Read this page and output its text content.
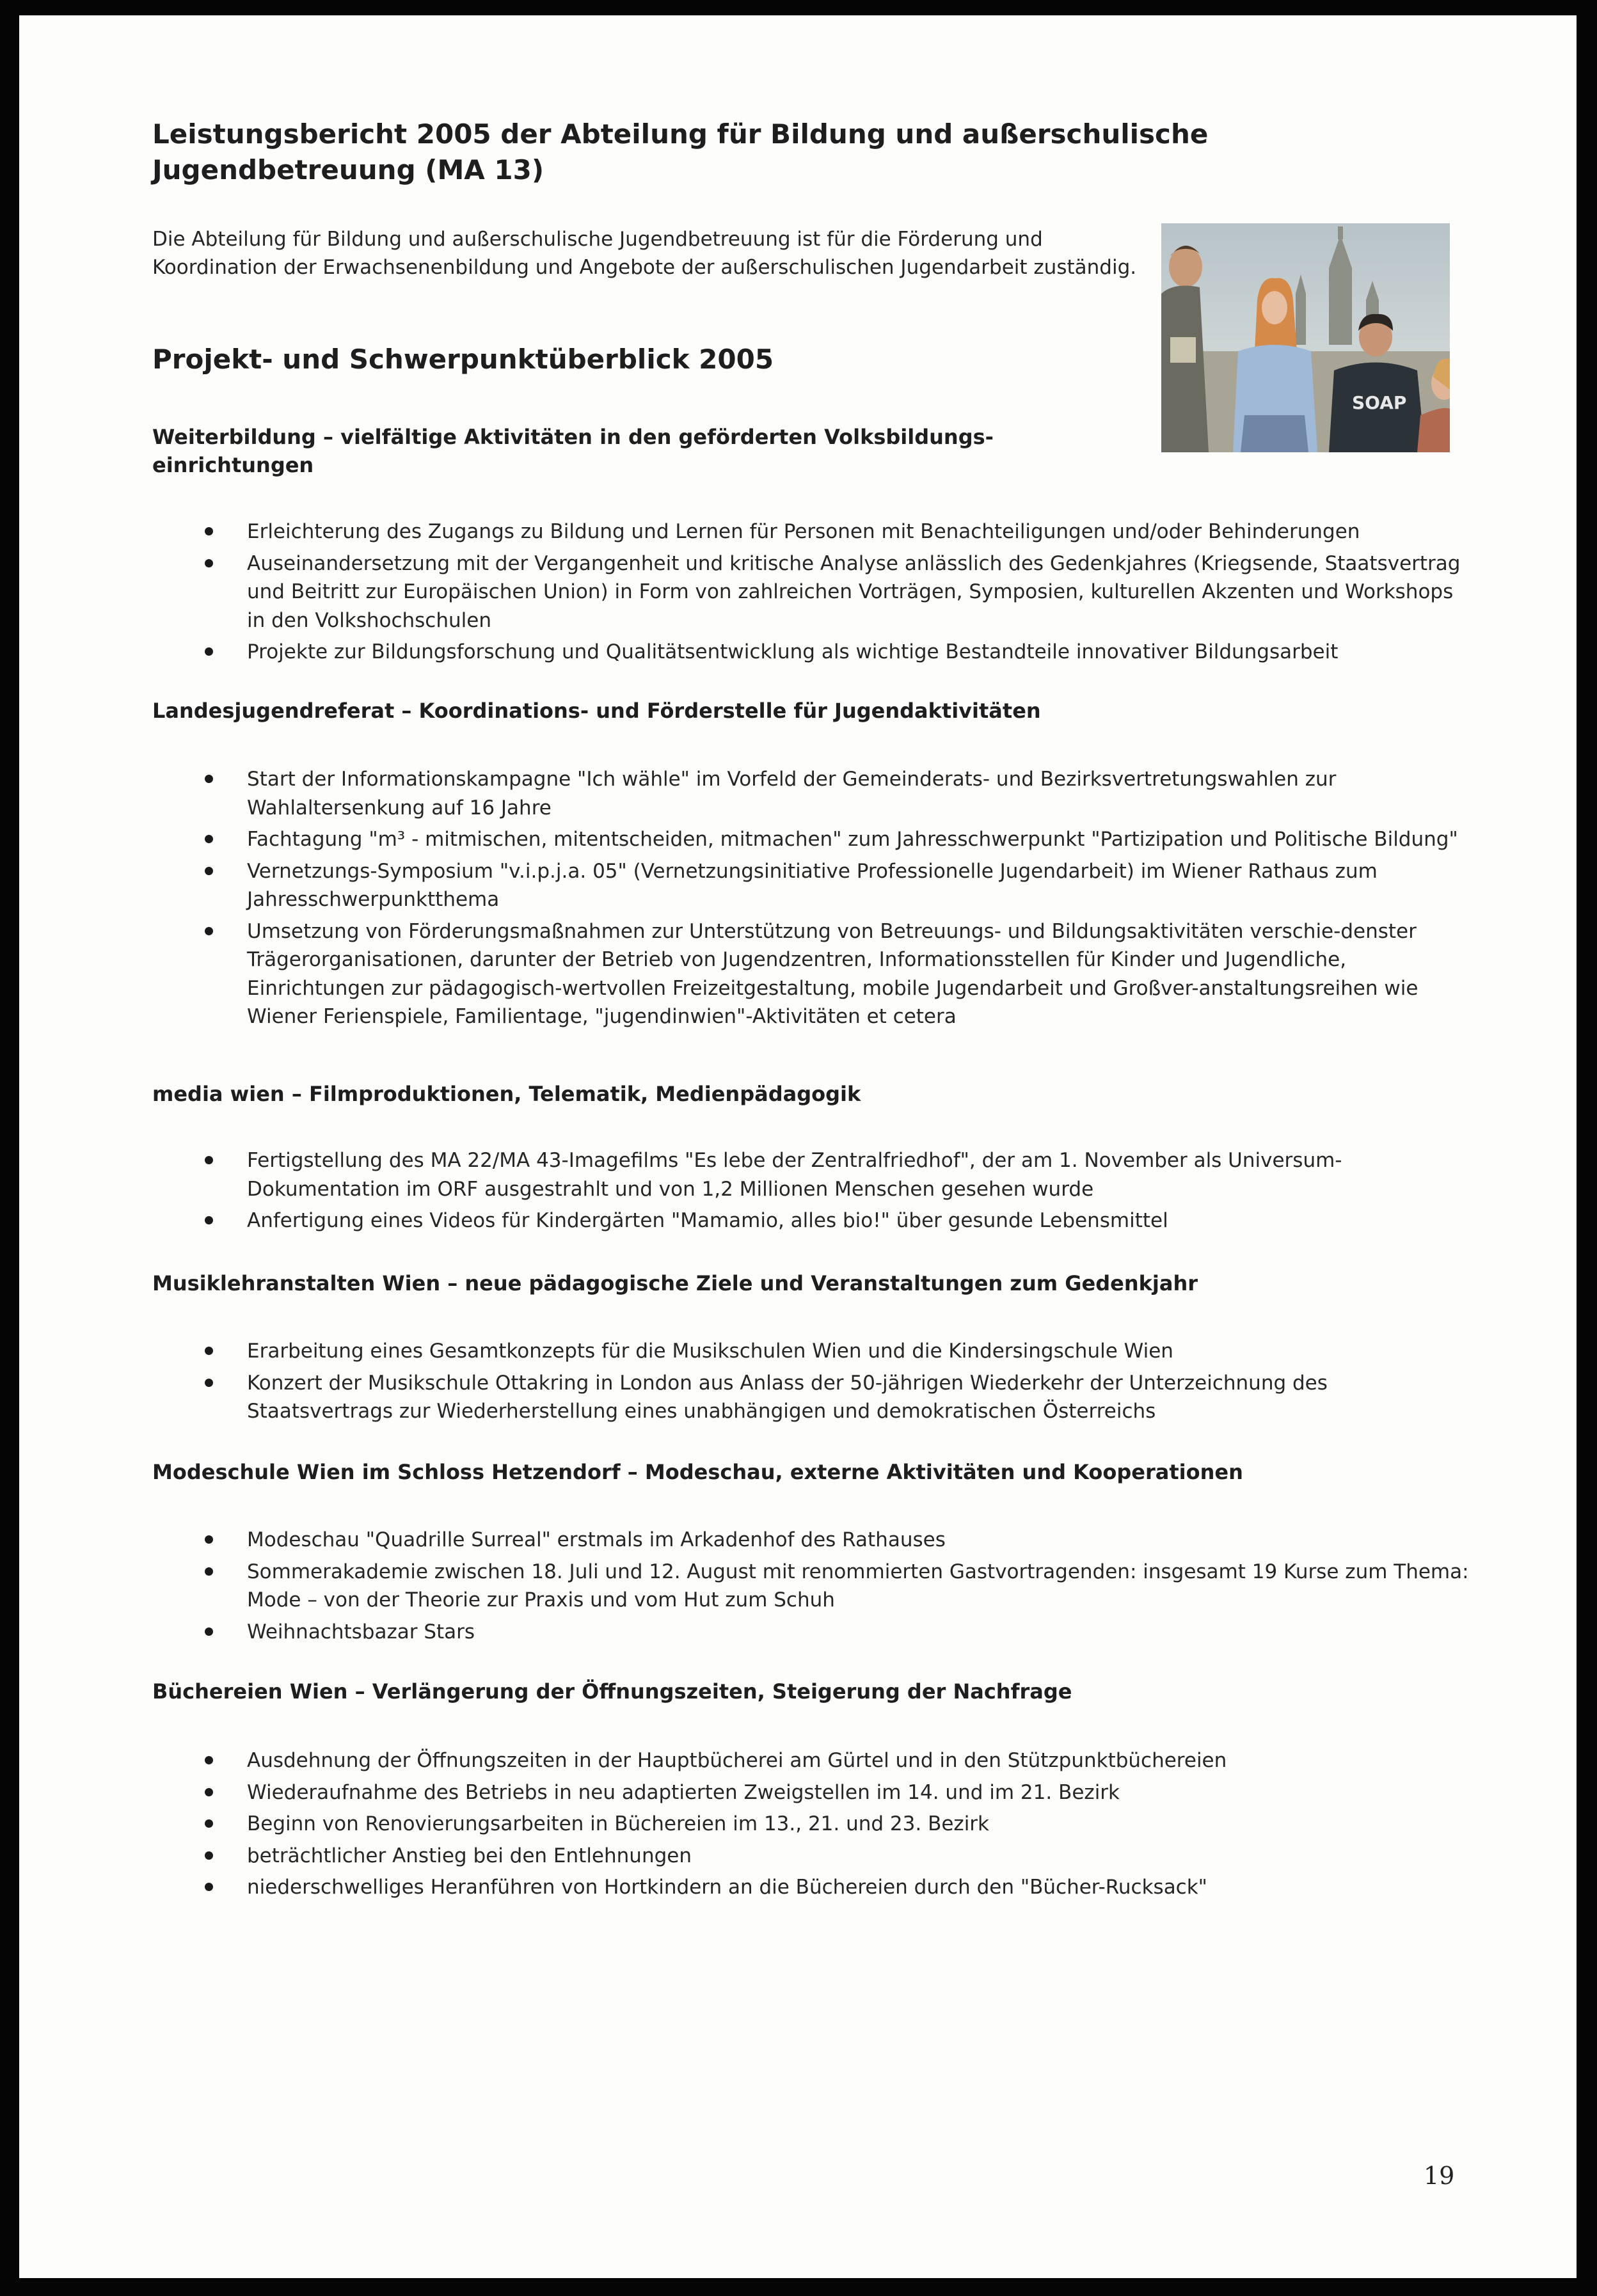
Leistungsbericht 2005 der Abteilung für Bildung und außerschulische Jugendbetreuung (MA 13)

Die Abteilung für Bildung und außerschulische Jugendbetreuung ist für die Förderung und Koordination der Erwachsenenbildung und Angebote der außerschulischen Jugendarbeit zuständig.

Projekt- und Schwerpunktüberblick 2005
SOAP
Weiterbildung – vielfältige Aktivitäten in den geförderten Volksbildungs-einrichtungen
Erleichterung des Zugangs zu Bildung und Lernen für Personen mit Benachteiligungen und/oder Behinderungen
Auseinandersetzung mit der Vergangenheit und kritische Analyse anlässlich des Gedenkjahres (Kriegsende, Staatsvertrag und Beitritt zur Europäischen Union) in Form von zahlreichen Vorträgen, Symposien, kulturellen Akzenten und Workshops in den Volkshochschulen
Projekte zur Bildungsforschung und Qualitätsentwicklung als wichtige Bestandteile innovativer Bildungsarbeit
Landesjugendreferat – Koordinations- und Förderstelle für Jugendaktivitäten
Start der Informationskampagne "Ich wähle" im Vorfeld der Gemeinderats- und Bezirksvertretungswahlen zur Wahlaltersenkung auf 16 Jahre
Fachtagung "m³ - mitmischen, mitentscheiden, mitmachen" zum Jahresschwerpunkt "Partizipation und Politische Bildung"
Vernetzungs-Symposium "v.i.p.j.a. 05" (Vernetzungsinitiative Professionelle Jugendarbeit) im Wiener Rathaus zum Jahresschwerpunktthema
Umsetzung von Förderungsmaßnahmen zur Unterstützung von Betreuungs- und Bildungsaktivitäten verschie-denster Trägerorganisationen, darunter der Betrieb von Jugendzentren, Informationsstellen für Kinder und Jugendliche, Einrichtungen zur pädagogisch-wertvollen Freizeitgestaltung, mobile Jugendarbeit und Großver-anstaltungsreihen wie Wiener Ferienspiele, Familientage, "jugendinwien"-Aktivitäten et cetera
media wien – Filmproduktionen, Telematik, Medienpädagogik
Fertigstellung des MA 22/MA 43-Imagefilms "Es lebe der Zentralfriedhof", der am 1. November als Universum-Dokumentation im ORF ausgestrahlt und von 1,2 Millionen Menschen gesehen wurde
Anfertigung eines Videos für Kindergärten "Mamamio, alles bio!" über gesunde Lebensmittel
Musiklehranstalten Wien – neue pädagogische Ziele und Veranstaltungen zum Gedenkjahr
Erarbeitung eines Gesamtkonzepts für die Musikschulen Wien und die Kindersingschule Wien
Konzert der Musikschule Ottakring in London aus Anlass der 50-jährigen Wiederkehr der Unterzeichnung des Staatsvertrags zur Wiederherstellung eines unabhängigen und demokratischen Österreichs
Modeschule Wien im Schloss Hetzendorf – Modeschau, externe Aktivitäten und Kooperationen
Modeschau "Quadrille Surreal" erstmals im Arkadenhof des Rathauses
Sommerakademie zwischen 18. Juli und 12. August mit renommierten Gastvortragenden: insgesamt 19 Kurse zum Thema: Mode – von der Theorie zur Praxis und vom Hut zum Schuh
Weihnachtsbazar Stars
Büchereien Wien – Verlängerung der Öffnungszeiten, Steigerung der Nachfrage
Ausdehnung der Öffnungszeiten in der Hauptbücherei am Gürtel und in den Stützpunktbüchereien
Wiederaufnahme des Betriebs in neu adaptierten Zweigstellen im 14. und im 21. Bezirk
Beginn von Renovierungsarbeiten in Büchereien im 13., 21. und 23. Bezirk
beträchtlicher Anstieg bei den Entlehnungen
niederschwelliges Heranführen von Hortkindern an die Büchereien durch den "Bücher-Rucksack"

19
